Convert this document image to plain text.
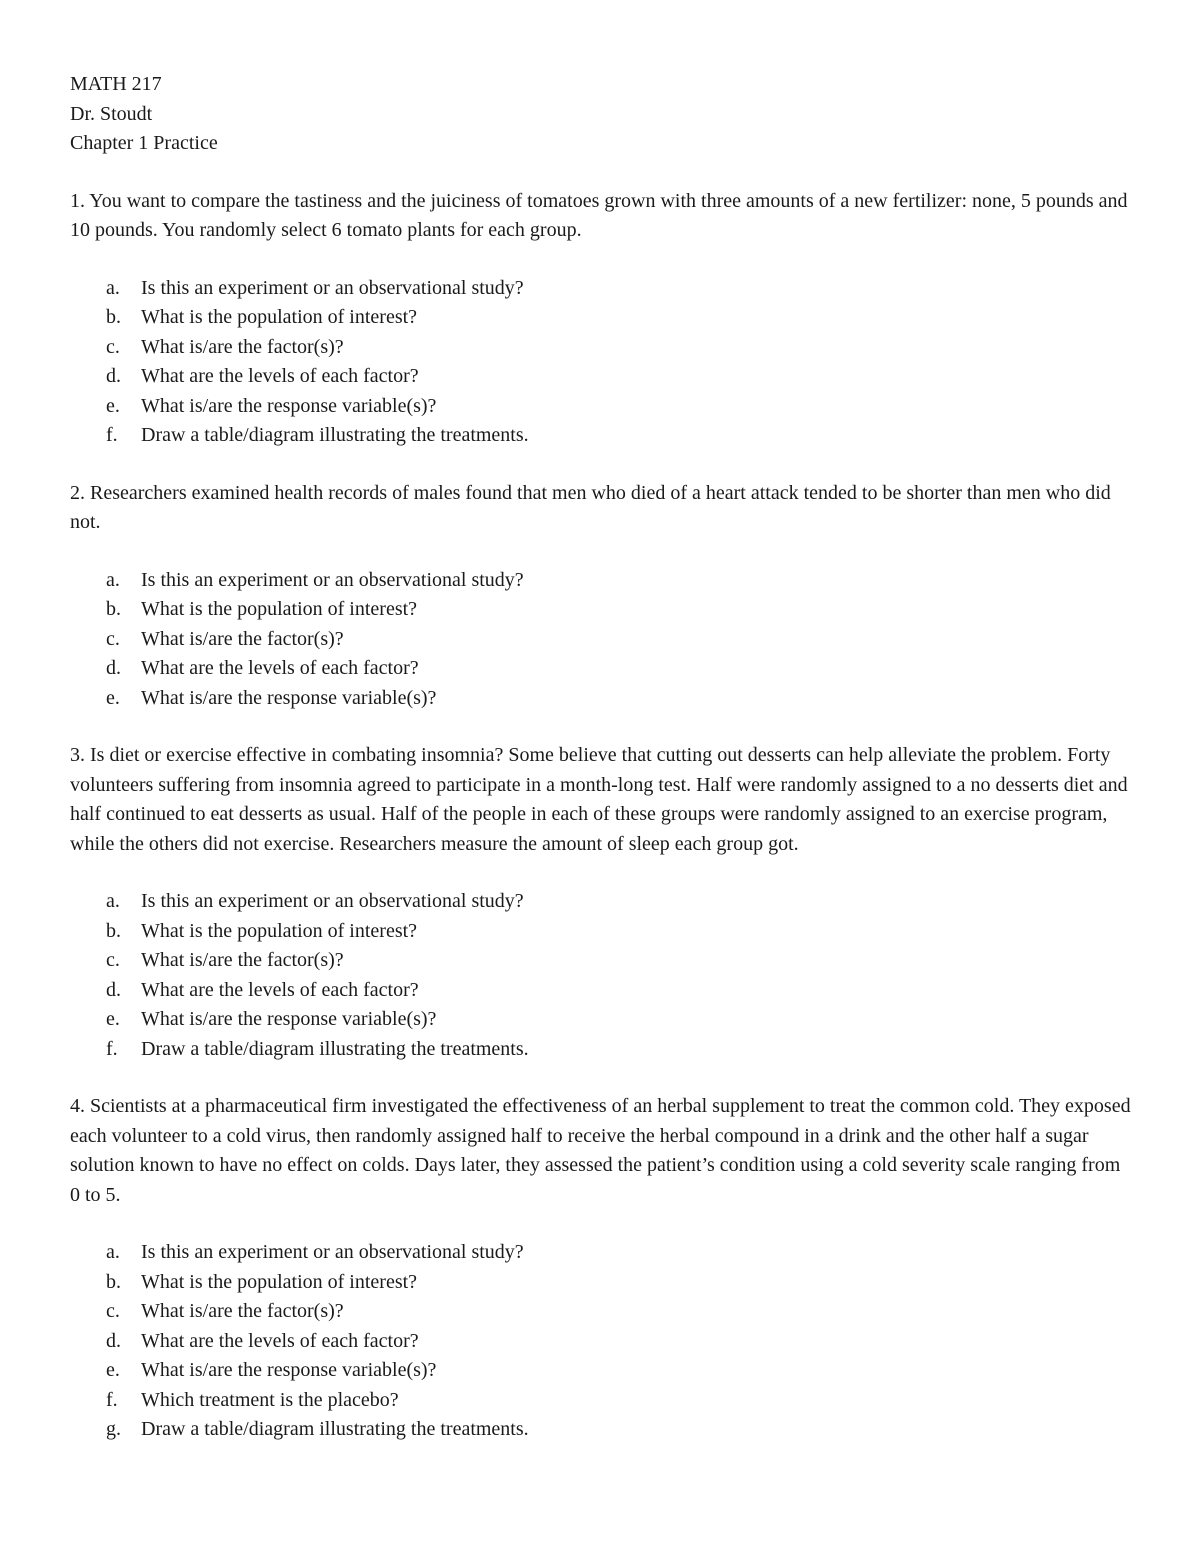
MATH 217
Dr. Stoudt
Chapter 1 Practice

1. You want to compare the tastiness and the juiciness of tomatoes grown with three amounts of a new fertilizer: none, 5 pounds and 10 pounds. You randomly select 6 tomato plants for each group.

a. Is this an experiment or an observational study?
b. What is the population of interest?
c. What is/are the factor(s)?
d. What are the levels of each factor?
e. What is/are the response variable(s)?
f. Draw a table/diagram illustrating the treatments.

2. Researchers examined health records of males found that men who died of a heart attack tended to be shorter than men who did not.

a. Is this an experiment or an observational study?
b. What is the population of interest?
c. What is/are the factor(s)?
d. What are the levels of each factor?
e. What is/are the response variable(s)?

3. Is diet or exercise effective in combating insomnia? Some believe that cutting out desserts can help alleviate the problem. Forty volunteers suffering from insomnia agreed to participate in a month-long test. Half were randomly assigned to a no desserts diet and half continued to eat desserts as usual. Half of the people in each of these groups were randomly assigned to an exercise program, while the others did not exercise. Researchers measure the amount of sleep each group got.

a. Is this an experiment or an observational study?
b. What is the population of interest?
c. What is/are the factor(s)?
d. What are the levels of each factor?
e. What is/are the response variable(s)?
f. Draw a table/diagram illustrating the treatments.

4. Scientists at a pharmaceutical firm investigated the effectiveness of an herbal supplement to treat the common cold. They exposed each volunteer to a cold virus, then randomly assigned half to receive the herbal compound in a drink and the other half a sugar solution known to have no effect on colds. Days later, they assessed the patient’s condition using a cold severity scale ranging from 0 to 5.

a. Is this an experiment or an observational study?
b. What is the population of interest?
c. What is/are the factor(s)?
d. What are the levels of each factor?
e. What is/are the response variable(s)?
f. Which treatment is the placebo?
g. Draw a table/diagram illustrating the treatments.
